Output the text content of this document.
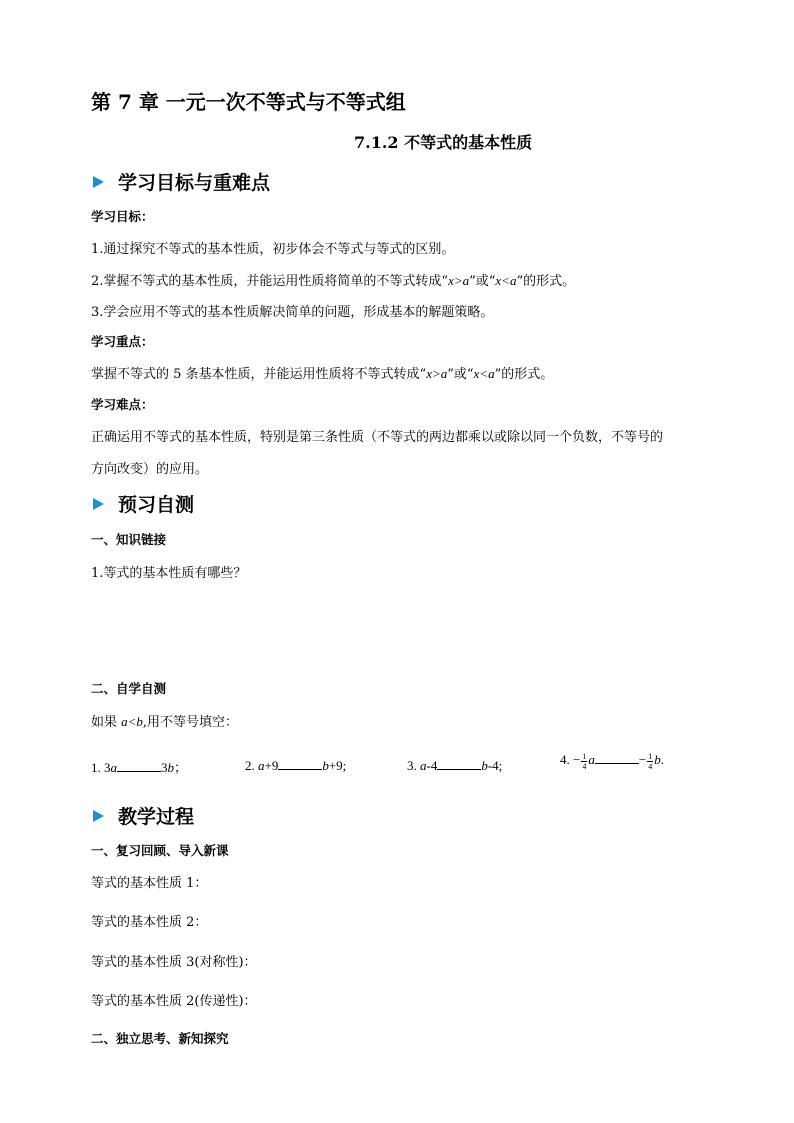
第 7 章 一元一次不等式与不等式组
7.1.2 不等式的基本性质
学习目标与重难点
学习目标：
1.通过探究不等式的基本性质，初步体会不等式与等式的区别。
2.掌握不等式的基本性质，并能运用性质将简单的不等式转成“x>a”或“x<a”的形式。
3.学会应用不等式的基本性质解决简单的问题，形成基本的解题策略。
学习重点：
掌握不等式的 5 条基本性质，并能运用性质将不等式转成“x>a”或“x<a”的形式。
学习难点：
正确运用不等式的基本性质，特别是第三条性质（不等式的两边都乘以或除以同一个负数，不等号的
方向改变）的应用。
预习自测
一、知识链接
1.等式的基本性质有哪些？
二、自学自测
如果 a<b,用不等号填空：
1. 3a	3b；	2. a+9	b+9;	3. a-4	b-4;	4. − $\frac{1}{4}$ a	− $\frac{1}{4} b$.
教学过程
一、复习回顾、导入新课
等式的基本性质 1：
等式的基本性质 2：
等式的基本性质 3(对称性)：
等式的基本性质 2(传递性)：
二、独立思考、新知探究
